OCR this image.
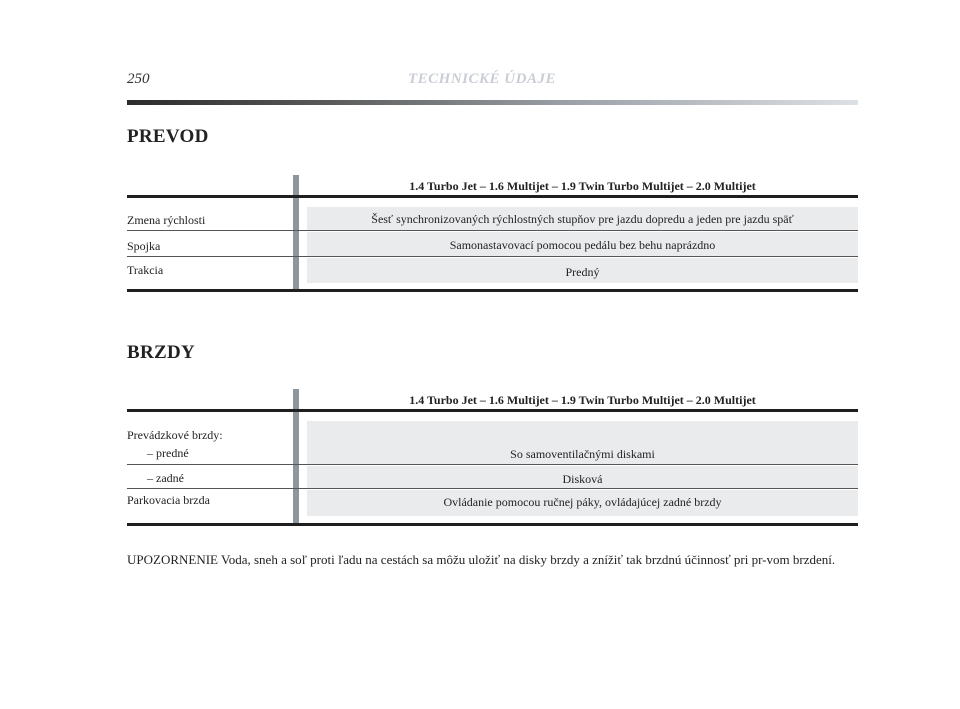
250	TECHNICKÉ ÚDAJE
PREVOD
1.4 Turbo Jet – 1.6 Multijet – 1.9 Twin Turbo Multijet – 2.0 Multijet
Zmena rýchlosti	Šesť synchronizovaných rýchlostných stupňov pre jazdu dopredu a jeden pre jazdu späť
Spojka	Samonastavovací pomocou pedálu bez behu naprázdno
Trakcia	Predný
BRZDY
1.4 Turbo Jet – 1.6 Multijet – 1.9 Twin Turbo Multijet – 2.0 Multijet
Prevádzkové brzdy:
– predné	So samoventilačnými diskami
– zadné	Disková
Parkovacia brzda	Ovládanie pomocou ručnej páky, ovládajúcej zadné brzdy
UPOZORNENIE Voda, sneh a soľ proti ľadu na cestách sa môžu uložiť na disky brzdy a znížiť tak brzdnú účinnosť pri pr-vom brzdení.
